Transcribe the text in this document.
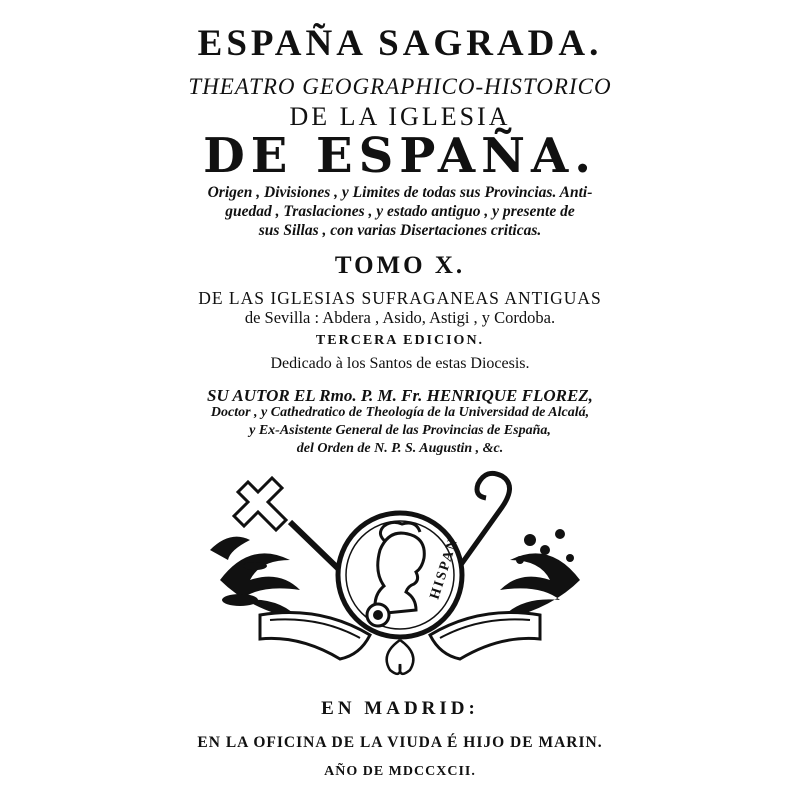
ESPAÑA SAGRADA.
THEATRO GEOGRAPHICO-HISTORICO
DE LA IGLESIA
DE ESPAÑA.
Origen , Divisiones , y Limites de todas sus Provincias. Anti-
guedad , Traslaciones , y estado antiguo , y presente de
sus Sillas , con varias Disertaciones criticas.
TOMO X.
DE LAS IGLESIAS SUFRAGANEAS ANTIGUAS
de Sevilla : Abdera , Asido, Astigi , y Cordoba.
TERCERA EDICION.
Dedicado à los Santos de estas Diocesis.
SU AUTOR EL Rmo. P. M. Fr. HENRIQUE FLOREZ,
Doctor , y Cathedratico de Theología de la Universidad de Alcalá,
y Ex-Asistente General de las Provincias de España,
del Orden de N. P. S. Augustin , &c.
HISPAN
EN MADRID:
EN LA OFICINA DE LA VIUDA É HIJO DE MARIN.
AÑO DE MDCCXCII.
